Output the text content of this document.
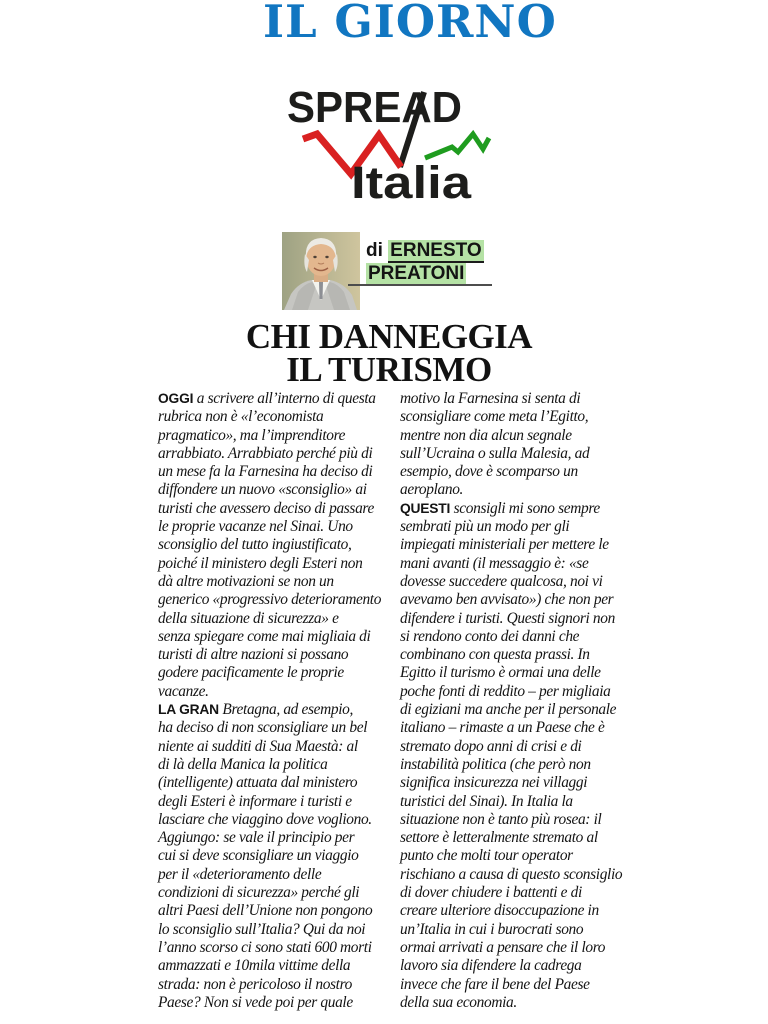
IL GIORNO
SPREAD
Italia
di ERNESTO
PREATONI
CHI DANNEGGIA
IL TURISMO
OGGI a scrivere all’interno di questa
rubrica non è «l’economista
pragmatico», ma l’imprenditore
arrabbiato. Arrabbiato perché più di
un mese fa la Farnesina ha deciso di
diffondere un nuovo «sconsiglio» ai
turisti che avessero deciso di passare
le proprie vacanze nel Sinai. Uno
sconsiglio del tutto ingiustificato,
poiché il ministero degli Esteri non
dà altre motivazioni se non un
generico «progressivo deterioramento
della situazione di sicurezza» e
senza spiegare come mai migliaia di
turisti di altre nazioni si possano
godere pacificamente le proprie
vacanze.
LA GRAN Bretagna, ad esempio,
ha deciso di non sconsigliare un bel
niente ai sudditi di Sua Maestà: al
di là della Manica la politica
(intelligente) attuata dal ministero
degli Esteri è informare i turisti e
lasciare che viaggino dove vogliono.
Aggiungo: se vale il principio per
cui si deve sconsigliare un viaggio
per il «deterioramento delle
condizioni di sicurezza» perché gli
altri Paesi dell’Unione non pongono
lo sconsiglio sull’Italia? Qui da noi
l’anno scorso ci sono stati 600 morti
ammazzati e 10mila vittime della
strada: non è pericoloso il nostro
Paese? Non si vede poi per quale
motivo la Farnesina si senta di
sconsigliare come meta l’Egitto,
mentre non dia alcun segnale
sull’Ucraina o sulla Malesia, ad
esempio, dove è scomparso un
aeroplano.
QUESTI sconsigli mi sono sempre
sembrati più un modo per gli
impiegati ministeriali per mettere le
mani avanti (il messaggio è: «se
dovesse succedere qualcosa, noi vi
avevamo ben avvisato») che non per
difendere i turisti. Questi signori non
si rendono conto dei danni che
combinano con questa prassi. In
Egitto il turismo è ormai una delle
poche fonti di reddito – per migliaia
di egiziani ma anche per il personale
italiano – rimaste a un Paese che è
stremato dopo anni di crisi e di
instabilità politica (che però non
significa insicurezza nei villaggi
turistici del Sinai). In Italia la
situazione non è tanto più rosea: il
settore è letteralmente stremato al
punto che molti tour operator
rischiano a causa di questo sconsiglio
di dover chiudere i battenti e di
creare ulteriore disoccupazione in
un’Italia in cui i burocrati sono
ormai arrivati a pensare che il loro
lavoro sia difendere la cadrega
invece che fare il bene del Paese
della sua economia.
